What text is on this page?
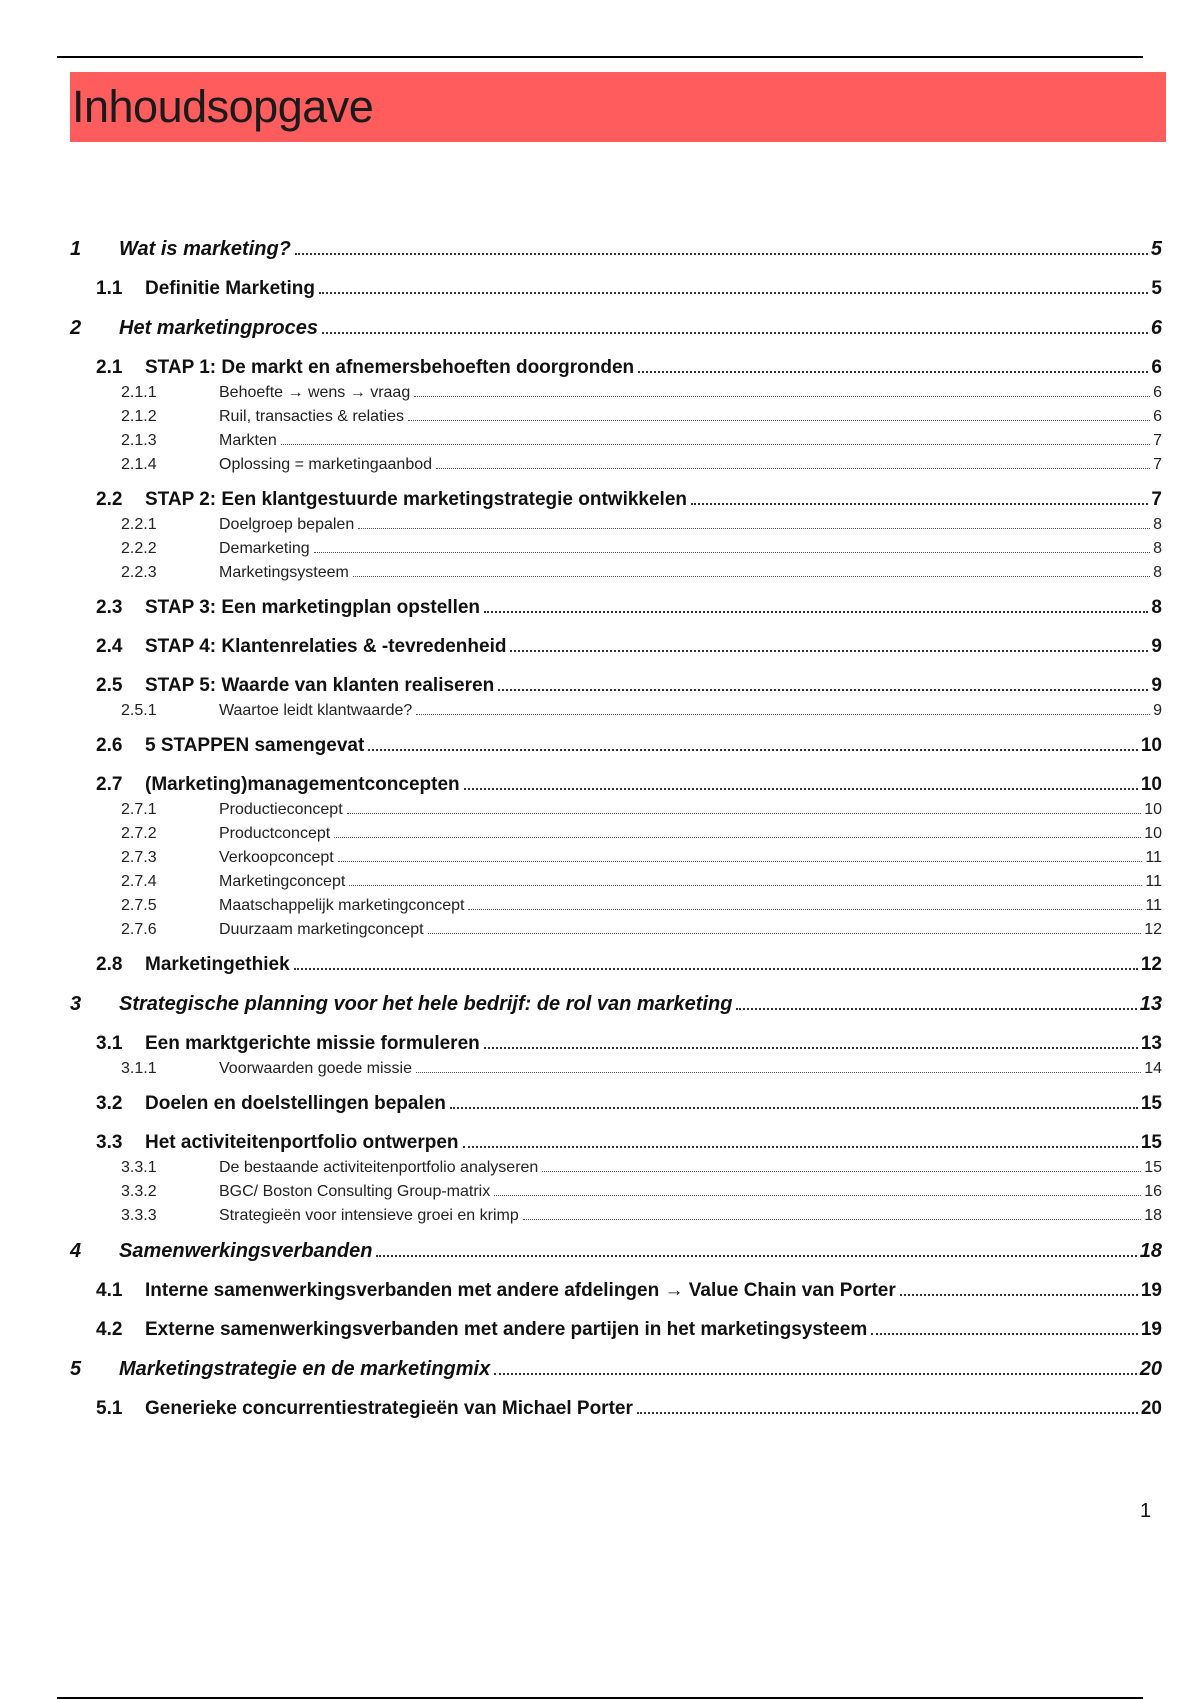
Inhoudsopgave
1	Wat is marketing?	5
1.1	Definitie Marketing	5
2	Het marketingproces	6
2.1	STAP 1: De markt en afnemersbehoeften doorgronden	6
2.1.1	Behoefte → wens → vraag	6
2.1.2	Ruil, transacties & relaties	6
2.1.3	Markten	7
2.1.4	Oplossing = marketingaanbod	7
2.2	STAP 2: Een klantgestuurde marketingstrategie ontwikkelen	7
2.2.1	Doelgroep bepalen	8
2.2.2	Demarketing	8
2.2.3	Marketingsysteem	8
2.3	STAP 3: Een marketingplan opstellen	8
2.4	STAP 4: Klantenrelaties & -tevredenheid	9
2.5	STAP 5: Waarde van klanten realiseren	9
2.5.1	Waartoe leidt klantwaarde?	9
2.6	5 STAPPEN samengevat	10
2.7	(Marketing)managementconcepten	10
2.7.1	Productieconcept	10
2.7.2	Productconcept	10
2.7.3	Verkoopconcept	11
2.7.4	Marketingconcept	11
2.7.5	Maatschappelijk marketingconcept	11
2.7.6	Duurzaam marketingconcept	12
2.8	Marketingethiek	12
3	Strategische planning voor het hele bedrijf: de rol van marketing	13
3.1	Een marktgerichte missie formuleren	13
3.1.1	Voorwaarden goede missie	14
3.2	Doelen en doelstellingen bepalen	15
3.3	Het activiteitenportfolio ontwerpen	15
3.3.1	De bestaande activiteitenportfolio analyseren	15
3.3.2	BGC/ Boston Consulting Group-matrix	16
3.3.3	Strategieën voor intensieve groei en krimp	18
4	Samenwerkingsverbanden	18
4.1	Interne samenwerkingsverbanden met andere afdelingen → Value Chain van Porter	19
4.2	Externe samenwerkingsverbanden met andere partijen in het marketingsysteem	19
5	Marketingstrategie en de marketingmix	20
5.1	Generieke concurrentiestrategieën van Michael Porter	20
1
